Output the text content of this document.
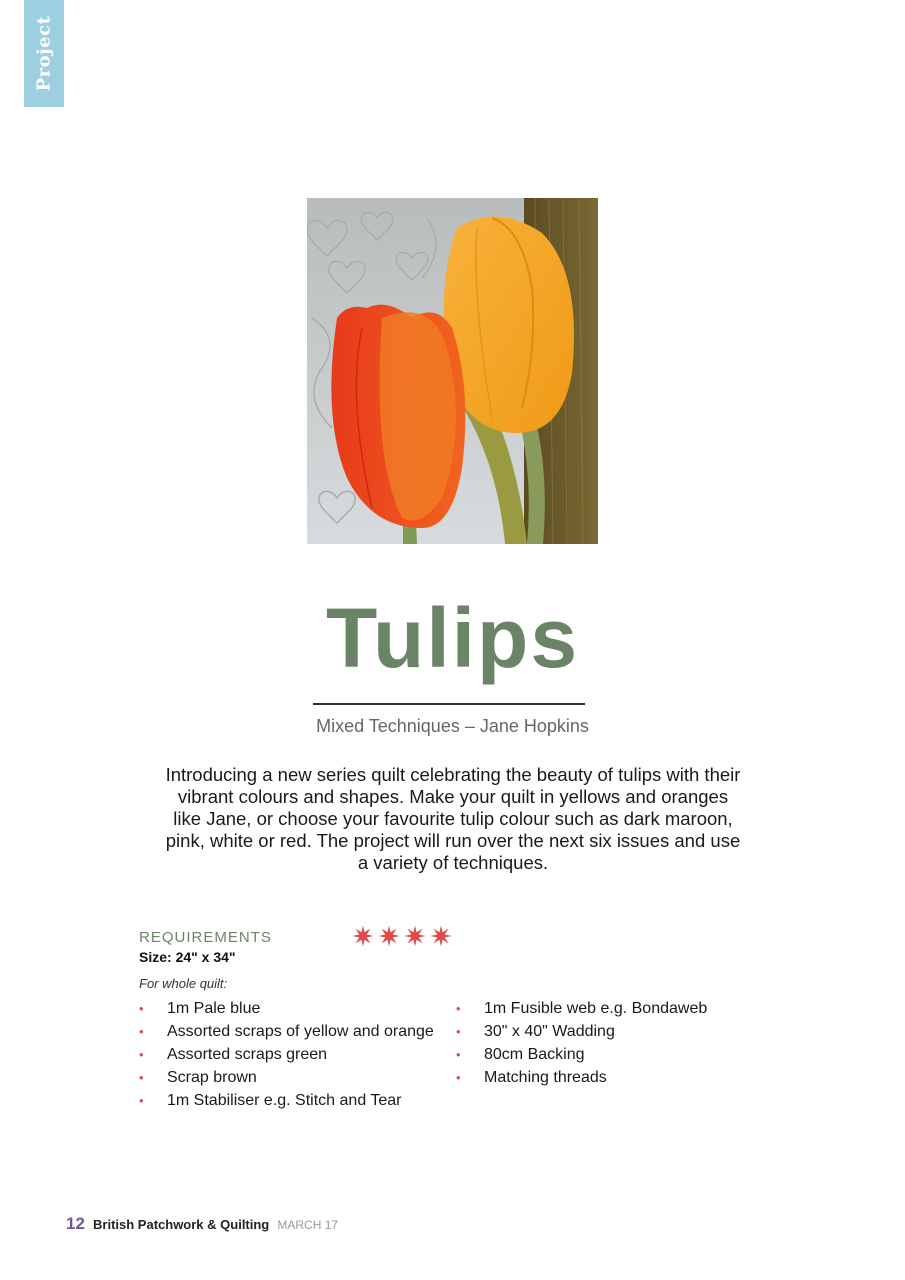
Project
Tulips
Mixed Techniques – Jane Hopkins

Introducing a new series quilt celebrating the beauty of tulips with their vibrant colours and shapes. Make your quilt in yellows and oranges like Jane, or choose your favourite tulip colour such as dark maroon, pink, white or red. The project will run over the next six issues and use a variety of techniques.

REQUIREMENTS
Size: 24" x 34"
For whole quilt:
• 1m Pale blue
• Assorted scraps of yellow and orange
• Assorted scraps green
• Scrap brown
• 1m Stabiliser e.g. Stitch and Tear
• 1m Fusible web e.g. Bondaweb
• 30" x 40" Wadding
• 80cm Backing
• Matching threads
12 British Patchwork & Quilting MARCH 17
